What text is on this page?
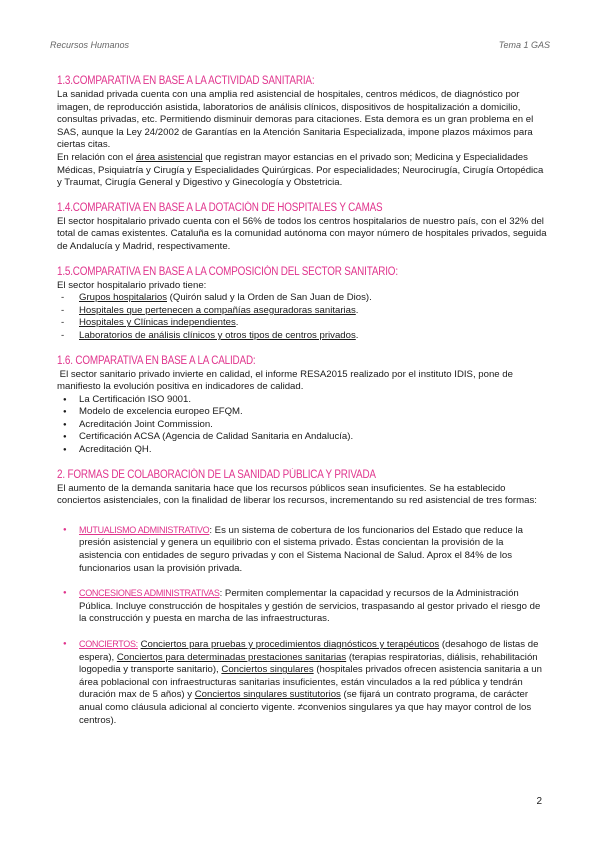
Recursos Humanos	Tema 1 GAS
1.3.COMPARATIVA EN BASE A LA ACTIVIDAD SANITARIA:

La sanidad privada cuenta con una amplia red asistencial de hospitales, centros médicos, de diagnóstico por imagen, de reproducción asistida, laboratorios de análisis clínicos, dispositivos de hospitalización a domicilio, consultas privadas, etc. Permitiendo disminuir demoras para citaciones. Esta demora es un gran problema en el SAS, aunque la Ley 24/2002 de Garantías en la Atención Sanitaria Especializada, impone plazos máximos para ciertas citas.

En relación con el área asistencial que registran mayor estancias en el privado son; Medicina y Especialidades Médicas, Psiquiatría y Cirugía y Especialidades Quirúrgicas. Por especialidades; Neurocirugía, Cirugía Ortopédica y Traumat, Cirugía General y Digestivo y Ginecología y Obstetricia.

1.4.COMPARATIVA EN BASE A LA DOTACIÓN DE HOSPITALES Y CAMAS

El sector hospitalario privado cuenta con el 56% de todos los centros hospitalarios de nuestro país, con el 32% del total de camas existentes. Cataluña es la comunidad autónoma con mayor número de hospitales privados, seguida de Andalucía y Madrid, respectivamente.

1.5.COMPARATIVA EN BASE A LA COMPOSICIÓN DEL SECTOR SANITARIO:

El sector hospitalario privado tiene:

- Grupos hospitalarios (Quirón salud y la Orden de San Juan de Dios).
- Hospitales que pertenecen a compañías aseguradoras sanitarias.
- Hospitales y Clínicas independientes.
- Laboratorios de análisis clínicos y otros tipos de centros privados.
1.6. COMPARATIVA EN BASE A LA CALIDAD:

El sector sanitario privado invierte en calidad, el informe RESA2015 realizado por el instituto IDIS, pone de manifiesto la evolución positiva en indicadores de calidad.

● La Certificación ISO 9001.
● Modelo de excelencia europeo EFQM.
● Acreditación Joint Commission.
● Certificación ACSA (Agencia de Calidad Sanitaria en Andalucía).
● Acreditación QH.
2. FORMAS DE COLABORACIÓN DE LA SANIDAD PÚBLICA Y PRIVADA

El aumento de la demanda sanitaria hace que los recursos públicos sean insuficientes. Se ha establecido conciertos asistenciales, con la finalidad de liberar los recursos, incrementando su red asistencial de tres formas:

● MUTUALISMO ADMINISTRATIVO: Es un sistema de cobertura de los funcionarios del Estado que reduce la presión asistencial y genera un equilibrio con el sistema privado. Éstas concientan la provisión de la asistencia con entidades de seguro privadas y con el Sistema Nacional de Salud. Aprox el 84% de los funcionarios usan la provisión privada.
● CONCESIONES ADMINISTRATIVAS: Permiten complementar la capacidad y recursos de la Administración Pública. Incluye construcción de hospitales y gestión de servicios, traspasando al gestor privado el riesgo de la construcción y puesta en marcha de las infraestructuras.
● CONCIERTOS: Conciertos para pruebas y procedimientos diagnósticos y terapéuticos (desahogo de listas de espera), Conciertos para determinadas prestaciones sanitarias (terapias respiratorias, diálisis, rehabilitación logopedia y transporte sanitario), Conciertos singulares (hospitales privados ofrecen asistencia sanitaria a un área poblacional con infraestructuras sanitarias insuficientes, están vinculados a la red pública y tendrán duración max de 5 años) y Conciertos singulares sustitutorios (se fijará un contrato programa, de carácter anual como cláusula adicional al concierto vigente. ≠convenios singulares ya que hay mayor control de los centros).
2
